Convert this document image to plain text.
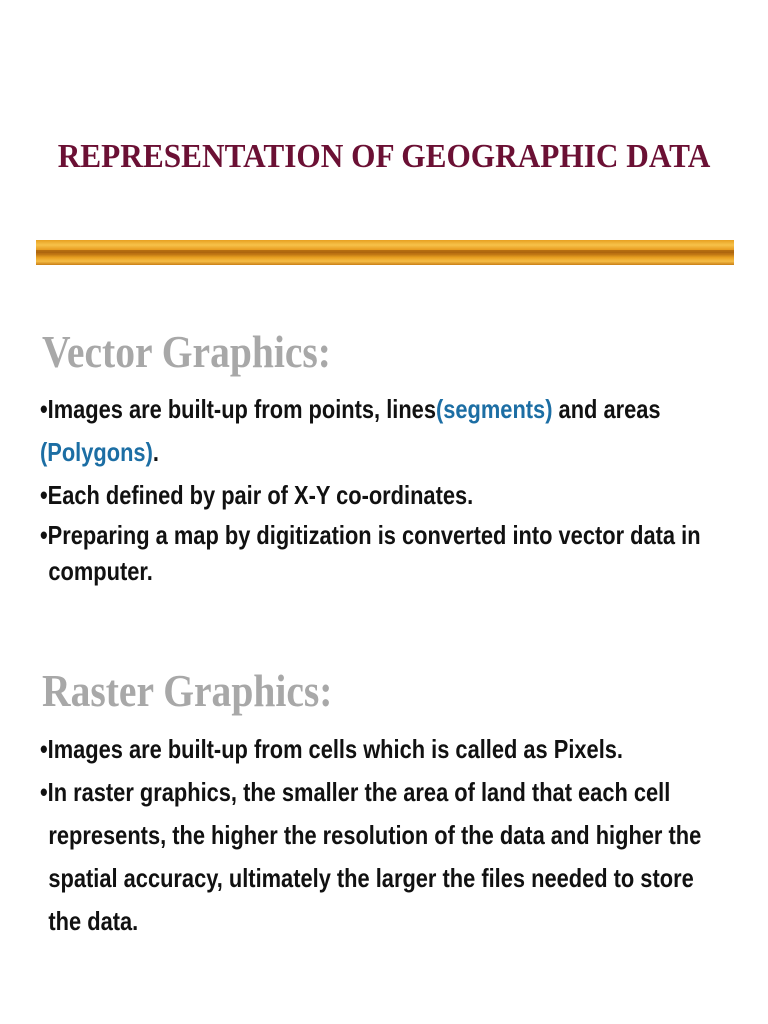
REPRESENTATION OF GEOGRAPHIC DATA
Vector Graphics:
•Images are built-up from points, lines(segments) and areas
(Polygons).
•Each defined by pair of X-Y co-ordinates.
•Preparing a map by digitization is converted into vector data in
computer.
Raster Graphics:
•Images are built-up from cells which is called as Pixels.
•In raster graphics, the smaller the area of land that each cell
represents, the higher the resolution of the data and higher the
spatial accuracy, ultimately the larger the files needed to store
the data.
